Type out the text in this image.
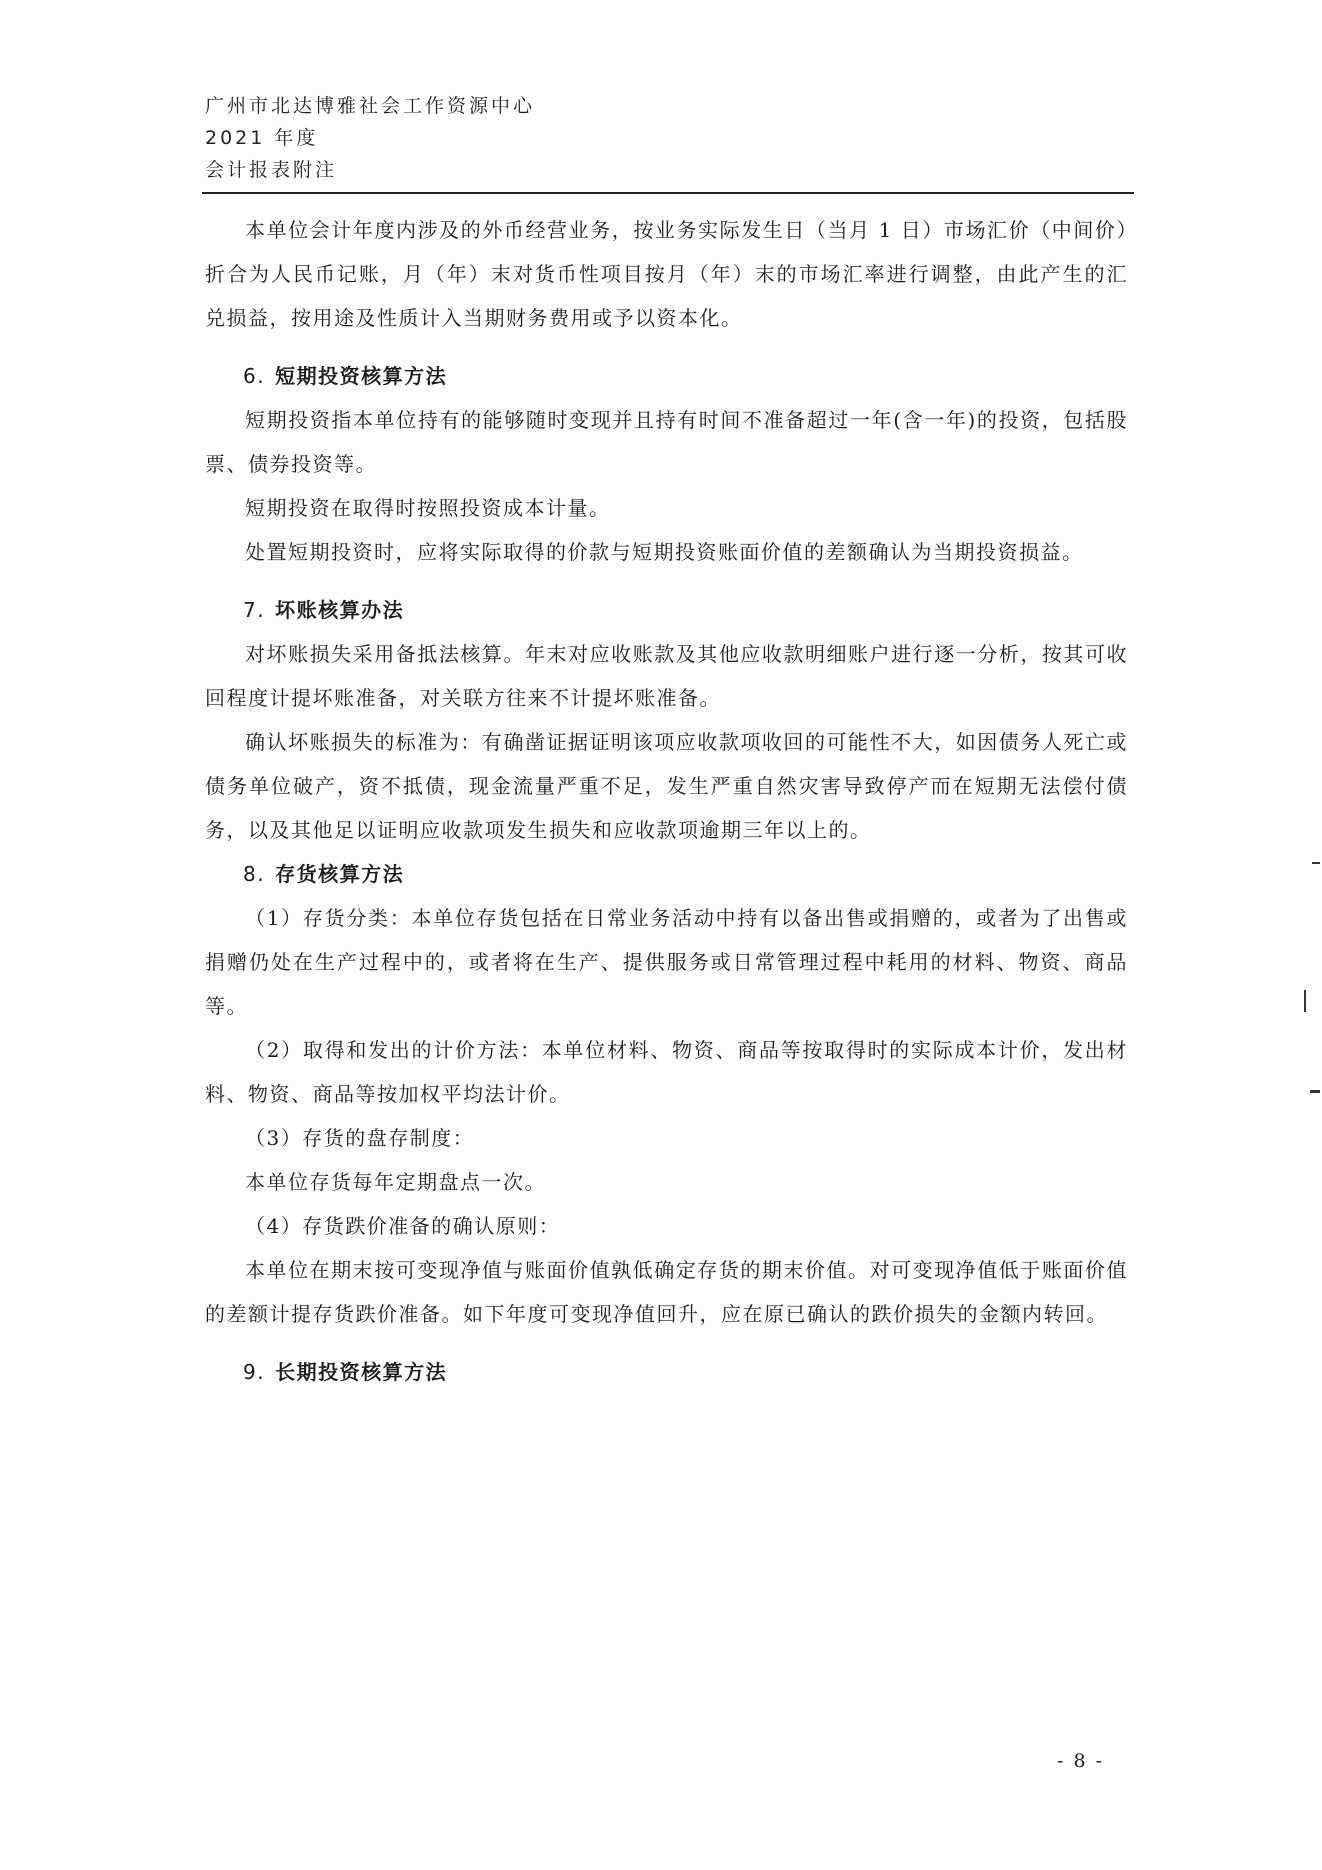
广州市北达博雅社会工作资源中心
2021 年度
会计报表附注

本单位会计年度内涉及的外币经营业务，按业务实际发生日（当月 1 日）市场汇价（中间价）折合为人民币记账，月（年）末对货币性项目按月（年）末的市场汇率进行调整，由此产生的汇兑损益，按用途及性质计入当期财务费用或予以资本化。

6. 短期投资核算方法

短期投资指本单位持有的能够随时变现并且持有时间不准备超过一年(含一年)的投资，包括股票、债券投资等。

短期投资在取得时按照投资成本计量。

处置短期投资时，应将实际取得的价款与短期投资账面价值的差额确认为当期投资损益。

7. 坏账核算办法

对坏账损失采用备抵法核算。年末对应收账款及其他应收款明细账户进行逐一分析，按其可收回程度计提坏账准备，对关联方往来不计提坏账准备。

确认坏账损失的标准为：有确凿证据证明该项应收款项收回的可能性不大，如因债务人死亡或债务单位破产，资不抵债，现金流量严重不足，发生严重自然灾害导致停产而在短期无法偿付债务，以及其他足以证明应收款项发生损失和应收款项逾期三年以上的。

8. 存货核算方法

（1）存货分类：本单位存货包括在日常业务活动中持有以备出售或捐赠的，或者为了出售或捐赠仍处在生产过程中的，或者将在生产、提供服务或日常管理过程中耗用的材料、物资、商品等。

（2）取得和发出的计价方法：本单位材料、物资、商品等按取得时的实际成本计价，发出材料、物资、商品等按加权平均法计价。

（3）存货的盘存制度：

本单位存货每年定期盘点一次。

（4）存货跌价准备的确认原则：

本单位在期末按可变现净值与账面价值孰低确定存货的期末价值。对可变现净值低于账面价值的差额计提存货跌价准备。如下年度可变现净值回升，应在原已确认的跌价损失的金额内转回。

9. 长期投资核算方法

- 8 -
